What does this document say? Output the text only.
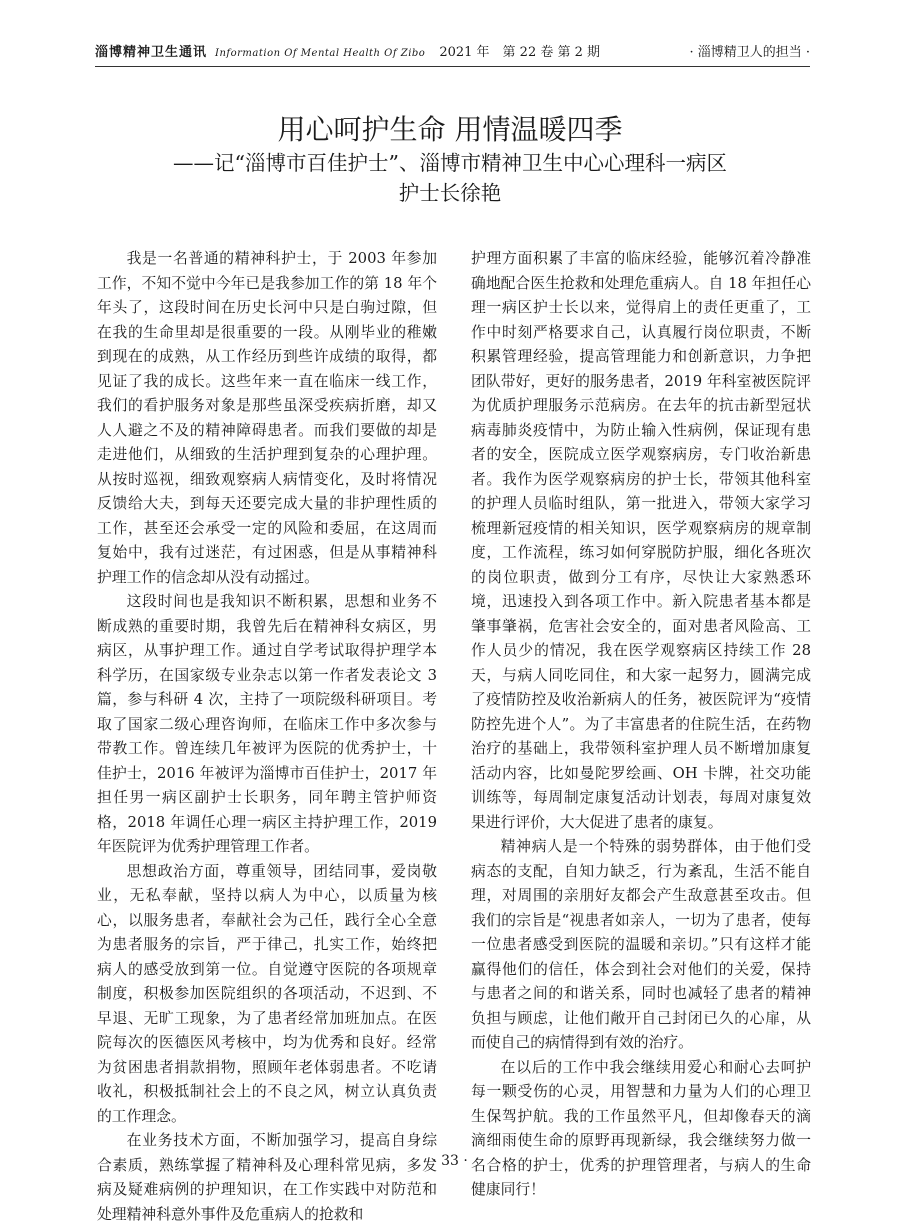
淄博精神卫生通讯 Information Of Mental Health Of Zibo 2021 年　第 22 卷 第 2 期	· 淄博精卫人的担当 ·
用心呵护生命 用情温暖四季
——记“淄博市百佳护士”、淄博市精神卫生中心心理科一病区
护士长徐艳

我是一名普通的精神科护士，于 2003 年参加工作，不知不觉中今年已是我参加工作的第 18 年个年头了，这段时间在历史长河中只是白驹过隙，但在我的生命里却是很重要的一段。从刚毕业的稚嫩到现在的成熟，从工作经历到些许成绩的取得，都见证了我的成长。这些年来一直在临床一线工作，我们的看护服务对象是那些虽深受疾病折磨，却又人人避之不及的精神障碍患者。而我们要做的却是走进他们，从细致的生活护理到复杂的心理护理。从按时巡视，细致观察病人病情变化，及时将情况反馈给大夫，到每天还要完成大量的非护理性质的工作，甚至还会承受一定的风险和委屈，在这周而复始中，我有过迷茫，有过困惑，但是从事精神科护理工作的信念却从没有动摇过。

这段时间也是我知识不断积累，思想和业务不断成熟的重要时期，我曾先后在精神科女病区，男病区，从事护理工作。通过自学考试取得护理学本科学历，在国家级专业杂志以第一作者发表论文 3 篇，参与科研 4 次，主持了一项院级科研项目。考取了国家二级心理咨询师，在临床工作中多次参与带教工作。曾连续几年被评为医院的优秀护士，十佳护士，2016 年被评为淄博市百佳护士，2017 年担任男一病区副护士长职务，同年聘主管护师资格，2018 年调任心理一病区主持护理工作，2019 年医院评为优秀护理管理工作者。

思想政治方面，尊重领导，团结同事，爱岗敬业，无私奉献，坚持以病人为中心，以质量为核心，以服务患者，奉献社会为己任，践行全心全意为患者服务的宗旨，严于律己，扎实工作，始终把病人的感受放到第一位。自觉遵守医院的各项规章制度，积极参加医院组织的各项活动，不迟到、不早退、无旷工现象，为了患者经常加班加点。在医院每次的医德医风考核中，均为优秀和良好。经常为贫困患者捐款捐物，照顾年老体弱患者。不吃请收礼，积极抵制社会上的不良之风，树立认真负责的工作理念。

在业务技术方面，不断加强学习，提高自身综合素质，熟练掌握了精神科及心理科常见病，多发病及疑难病例的护理知识，在工作实践中对防范和处理精神科意外事件及危重病人的抢救和

护理方面积累了丰富的临床经验，能够沉着冷静准确地配合医生抢救和处理危重病人。自 18 年担任心理一病区护士长以来，觉得肩上的责任更重了，工作中时刻严格要求自己，认真履行岗位职责，不断积累管理经验，提高管理能力和创新意识，力争把团队带好，更好的服务患者，2019 年科室被医院评为优质护理服务示范病房。在去年的抗击新型冠状病毒肺炎疫情中，为防止输入性病例，保证现有患者的安全，医院成立医学观察病房，专门收治新患者。我作为医学观察病房的护士长，带领其他科室的护理人员临时组队，第一批进入，带领大家学习梳理新冠疫情的相关知识，医学观察病房的规章制度，工作流程，练习如何穿脱防护服，细化各班次的岗位职责，做到分工有序，尽快让大家熟悉环境，迅速投入到各项工作中。新入院患者基本都是肇事肇祸，危害社会安全的，面对患者风险高、工作人员少的情况，我在医学观察病区持续工作 28 天，与病人同吃同住，和大家一起努力，圆满完成了疫情防控及收治新病人的任务，被医院评为“疫情防控先进个人”。为了丰富患者的住院生活，在药物治疗的基础上，我带领科室护理人员不断增加康复活动内容，比如曼陀罗绘画、OH 卡牌，社交功能训练等，每周制定康复活动计划表，每周对康复效果进行评价，大大促进了患者的康复。

精神病人是一个特殊的弱势群体，由于他们受病态的支配，自知力缺乏，行为紊乱，生活不能自理，对周围的亲朋好友都会产生敌意甚至攻击。但我们的宗旨是“视患者如亲人，一切为了患者，使每一位患者感受到医院的温暖和亲切。”只有这样才能赢得他们的信任，体会到社会对他们的关爱，保持与患者之间的和谐关系，同时也减轻了患者的精神负担与顾虑，让他们敞开自己封闭已久的心扉，从而使自己的病情得到有效的治疗。

在以后的工作中我会继续用爱心和耐心去呵护每一颗受伤的心灵，用智慧和力量为人们的心理卫生保驾护航。我的工作虽然平凡，但却像春天的滴滴细雨使生命的原野再现新绿，我会继续努力做一名合格的护士，优秀的护理管理者，与病人的生命健康同行！

· 33 ·
